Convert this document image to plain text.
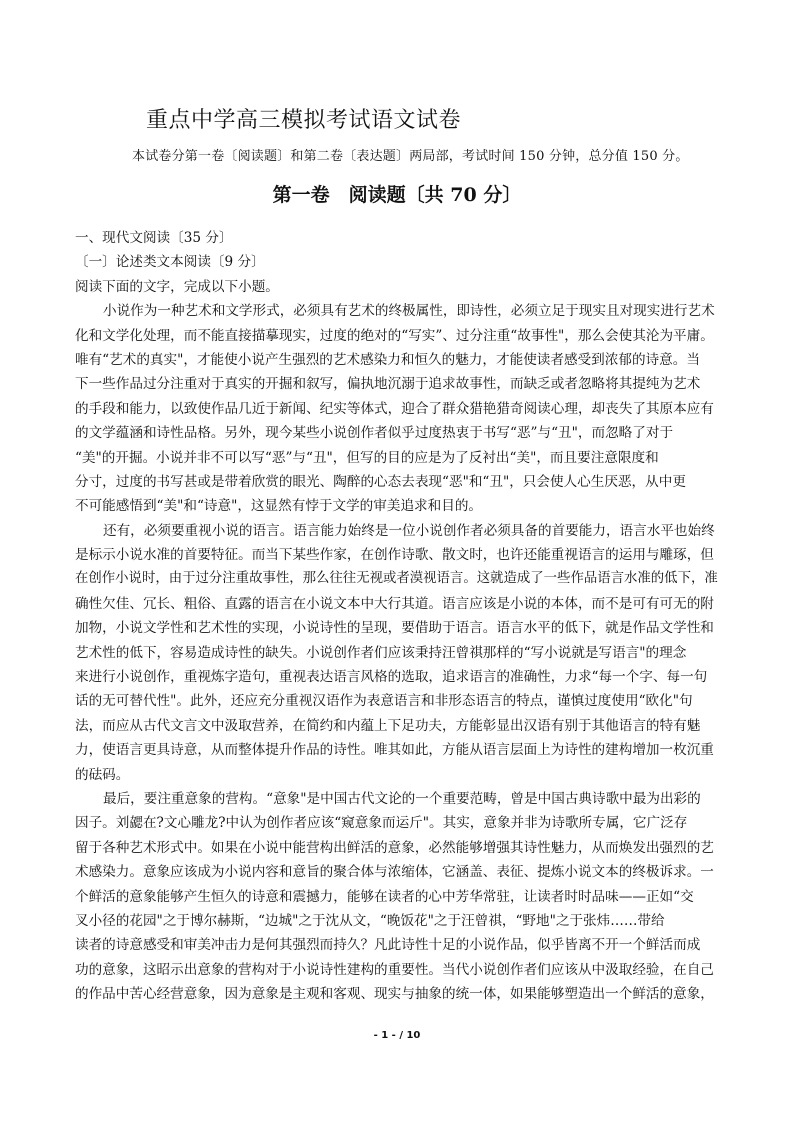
重点中学高三模拟考试语文试卷

本试卷分第一卷〔阅读题〕和第二卷〔表达题〕两局部，考试时间 150 分钟，总分值 150 分。

第一卷　阅读题〔共 70 分〕

一、现代文阅读〔35 分〕

〔一〕论述类文本阅读〔9 分〕

阅读下面的文字，完成以下小题。

小说作为一种艺术和文学形式，必须具有艺术的终极属性，即诗性，必须立足于现实且对现实进行艺术

化和文学化处理，而不能直接描摹现实，过度的绝对的“写实”、过分注重“故事性"，那么会使其沦为平庸。

唯有“艺术的真实"，才能使小说产生强烈的艺术感染力和恒久的魅力，才能使读者感受到浓郁的诗意。当

下一些作品过分注重对于真实的开掘和叙写，偏执地沉溺于追求故事性，而缺乏或者忽略将其提纯为艺术

的手段和能力，以致使作品几近于新闻、纪实等体式，迎合了群众猎艳猎奇阅读心理，却丧失了其原本应有

的文学蕴涵和诗性品格。另外，现今某些小说创作者似乎过度热衷于书写“恶”与“丑"，而忽略了对于

“美"的开掘。小说并非不可以写“恶”与“丑"，但写的目的应是为了反衬出“美"，而且要注意限度和

分寸，过度的书写甚或是带着欣赏的眼光、陶醉的心态去表现“恶"和“丑"，只会使人心生厌恶，从中更

不可能感悟到“美"和“诗意"，这显然有悖于文学的审美追求和目的。

还有，必须要重视小说的语言。语言能力始终是一位小说创作者必须具备的首要能力，语言水平也始终

是标示小说水准的首要特征。而当下某些作家，在创作诗歌、散文时，也许还能重视语言的运用与雕琢，但

在创作小说时，由于过分注重故事性，那么往往无视或者漠视语言。这就造成了一些作品语言水准的低下，准

确性欠佳、冗长、粗俗、直露的语言在小说文本中大行其道。语言应该是小说的本体，而不是可有可无的附

加物，小说文学性和艺术性的实现，小说诗性的呈现，要借助于语言。语言水平的低下，就是作品文学性和

艺术性的低下，容易造成诗性的缺失。小说创作者们应该秉持汪曾祺那样的“写小说就是写语言"的理念

来进行小说创作，重视炼字造句，重视表达语言风格的选取，追求语言的准确性，力求“每一个字、每一句

话的无可替代性"。此外，还应充分重视汉语作为表意语言和非形态语言的特点，谨慎过度使用“欧化"句

法，而应从古代文言文中汲取营养，在简约和内蕴上下足功夫，方能彰显出汉语有别于其他语言的特有魅

力，使语言更具诗意，从而整体提升作品的诗性。唯其如此，方能从语言层面上为诗性的建构增加一枚沉重

的砝码。

最后，要注重意象的营构。“意象"是中国古代文论的一个重要范畴，曾是中国古典诗歌中最为出彩的

因子。刘勰在?文心雕龙?中认为创作者应该“窥意象而运斤"。其实，意象并非为诗歌所专属，它广泛存

留于各种艺术形式中。如果在小说中能营构出鲜活的意象，必然能够增强其诗性魅力，从而焕发出强烈的艺

术感染力。意象应该成为小说内容和意旨的聚合体与浓缩体，它涵盖、表征、提炼小说文本的终极诉求。一

个鲜活的意象能够产生恒久的诗意和震撼力，能够在读者的心中芳华常驻，让读者时时品味——正如“交

叉小径的花园"之于博尔赫斯，“边城"之于沈从文，“晚饭花"之于汪曾祺，“野地"之于张炜……带给

读者的诗意感受和审美冲击力是何其强烈而持久？凡此诗性十足的小说作品，似乎皆离不开一个鲜活而成

功的意象，这昭示出意象的营构对于小说诗性建构的重要性。当代小说创作者们应该从中汲取经验，在自己

的作品中苦心经营意象，因为意象是主观和客观、现实与抽象的统一体，如果能够塑造出一个鲜活的意象，

- 1 - / 10
